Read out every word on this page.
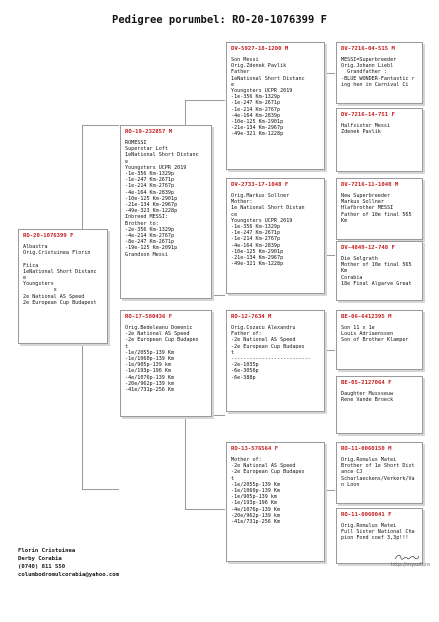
Pedigree porumbel: RO-20-1076399 F
RO-20-1076399 F
Albastra
Orig.Cristuinea Florin

Fiica
1eNational Short Distanc
e
Youngsters
x
2e National AS Speed
2e European Cup Budapest
RO-19-232857 M
ROMESSI
Superstar Loft
1eNational Short Distanc
e
Youngsters UCPR 2019
-1e-356 Km-1329p
-1e-247 Km-2671p
-1e-214 Km-2767p
-4e-164 Km-2839p
-10e-125 Km-2901p
-21e-134 Km-2967p
-49e-323 Km-1228p
Inbreed MESSI:
Brother to:
-2e-356 Km-1329p
-4e-214 Km-2767p
-8e-247 Km-2671p
-19e-125 Km-2091p
Grandson Messi
RO-17-580436 F
Orig.Bedeleanu Domenic
-2e National AS Speed
-2e European Cup Budapes
t
-1e/2055p-139 Km
-1e/1060p-139 Km
-1e/905p-139 km
-1e/193p-196 Km
-4e/1076p-139 Km
-20e/962p-139 km
-41e/731p-256 Km
DV-5927-18-1200 M
Son Messi
Orig.Zdenek Pavlik
Father
1eNational Short Distanc
e
Youngsters UCPR 2019
-1e-356 Km-1329p
-1e-247 Km-2671p
-1e-214 Km-2767p
-4e-164 Km-2839p
-10e-125 Km-2901p
-21e-134 Km-2967p
-49e-321 Km-1228p
DV-2733-17-1048 F
Orig.Markus Sollner
Mother:
1e National Short Distan
ce
Youngsters UCPR 2019
-1e-356 Km-1329p
-1e-247 Km-2671p
-1e-214 Km-2767p
-4e-164 Km-2839p
-10e-125 Km-2901p
-21e-134 Km-2967p
-49e-321 Km-1228p
RO-12-7634 M
Orig.Cozacu Alexandru
Father of:
-2e National AS Speed
-2e European Cup Budapes
t
--------------------------
-2e-1035p
-6e-3056p
-6e-388p
RO-13-576564 F
Mother of:
-2e National AS Speed
-2e European Cup Budapes
t
-1e/2055p-139 Km
-1e/1060p-139 Km
-1e/905p-139 km
-1e/193p-196 Km
-4e/1076p-139 Km
-20e/962p-139 km
-41e/731p-256 Km
DV-7216-04-515 M
MESSI=Superbreeder
Orig.Johann Liebl
Grandfather :
-BLUE WONDER-Fantastic r
ing hen in Carnival Ci
DV-7216-14-751 F
Halfsister Messi
Zdenek Pavlik
DV-7216-11-1040 M
New Superbreeder
Markus Sollner
Hlafbrother MESSI
Father of 10e final 565
Km
DV-4849-12-748 F
Die Selgrath
Mother of 10e final 565
Km
Corabia
18e Final Algarve Great
BE-06-6412395 M
Son 11 x 1e
Louis Adriaenssen
Son of Brother Klamper
BE-05-2127064 F
Daughter Mussseuw
Rene Vande Broeck
RO-11-0060150 M
Orig.Romulus Matei
Brother of 1e Short Dist
ance CJ
Scharlaeckens/Verkerk/Va
n Loon
RO-11-0060041 F
Orig.Romulus Matei
Full Sister National Cha
pion Fond coef 3,3p!!!
Florin Cristuinea
Derby Corabia
(0740) 811 550
columbodromulcorabia@yahoo.com
http://mysoft.ro
